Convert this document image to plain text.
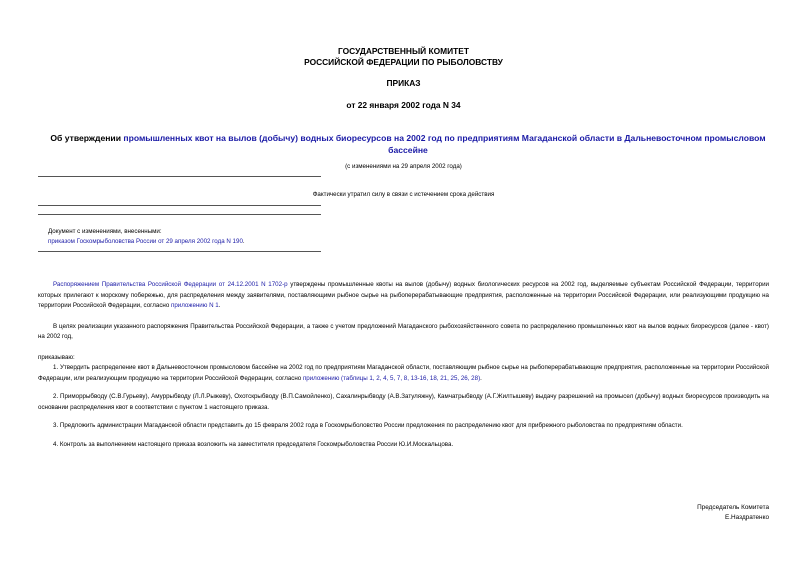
ГОСУДАРСТВЕННЫЙ КОМИТЕТ
РОССИЙСКОЙ ФЕДЕРАЦИИ ПО РЫБОЛОВСТВУ
ПРИКАЗ
от 22 января 2002 года N 34
Об утверждении промышленных квот на вылов (добычу) водных биоресурсов на 2002 год по предприятиям Магаданской области в Дальневосточном промысловом бассейне
(с изменениями на 29 апреля 2002 года)
Фактически утратил силу в связи с истечением срока действия
Документ с изменениями, внесенными:
приказом Госкомрыболовства России от 29 апреля 2002 года N 190.

Распоряжением Правительства Российской Федерации от 24.12.2001 N 1702-р утверждены промышленные квоты на вылов (добычу) водных биологических ресурсов на 2002 год, выделяемые субъектам Российской Федерации, территории которых прилегают к морскому побережью, для распределения между заявителями, поставляющими рыбное сырье на рыбоперерабатывающие предприятия, расположенные на территории Российской Федерации, или реализующими продукцию на территории Российской Федерации, согласно приложению N 1.

В целях реализации указанного распоряжения Правительства Российской Федерации, а также с учетом предложений Магаданского рыбохозяйственного совета по распределению промышленных квот на вылов водных биоресурсов (далее - квот) на 2002 год,

приказываю:

1. Утвердить распределение квот в Дальневосточном промысловом бассейне на 2002 год по предприятиям Магаданской области, поставляющим рыбное сырье на рыбоперерабатывающие предприятия, расположенные на территории Российской Федерации, или реализующим продукцию на территории Российской Федерации, согласно приложению (таблицы 1, 2, 4, 5, 7, 8, 13-16, 18, 21, 25, 26, 28).

2. Приморрыбводу (С.В.Гурьеву), Амуррыбводу (Л.Л.Рыжеву), Охотскрыбводу (В.П.Самойленко), Сахалинрыбводу (А.В.Затуляжну), Камчатрыбводу (А.Г.Жилтышеву) выдачу разрешений на промысел (добычу) водных биоресурсов производить на основании распределения квот в соответствии с пунктом 1 настоящего приказа.

3. Предложить администрации Магаданской области представить до 15 февраля 2002 года в Госкомрыболовство России предложения по распределению квот для прибрежного рыболовства по предприятиям области.

4. Контроль за выполнением настоящего приказа возложить на заместителя председателя Госкомрыболовства России Ю.И.Москальцова.

Председатель Комитета
Е.Наздратенко
